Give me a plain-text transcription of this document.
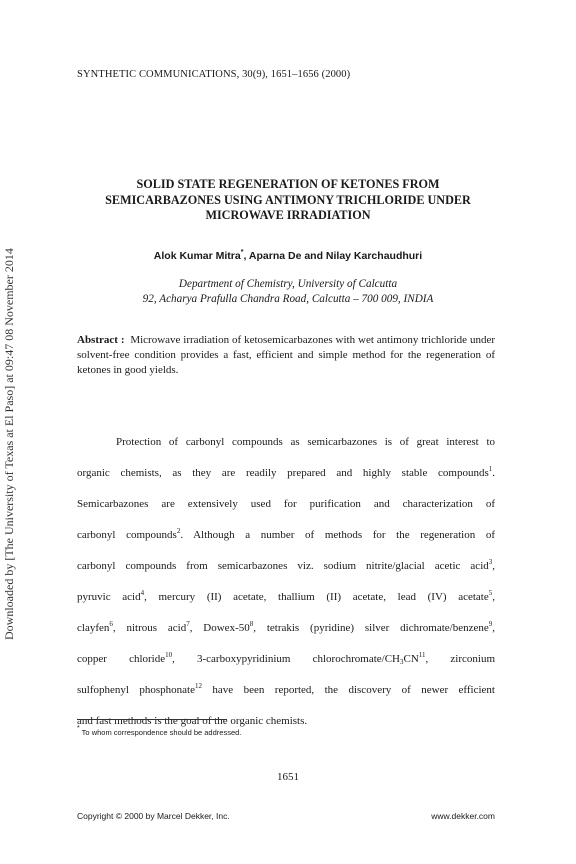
SYNTHETIC COMMUNICATIONS, 30(9), 1651–1656 (2000)
Downloaded by [The University of Texas at El Paso] at 09:47 08 November 2014
SOLID STATE REGENERATION OF KETONES FROM
SEMICARBAZONES USING ANTIMONY TRICHLORIDE UNDER
MICROWAVE IRRADIATION
Alok Kumar Mitra*, Aparna De and Nilay Karchaudhuri
Department of Chemistry, University of Calcutta
92, Acharya Prafulla Chandra Road, Calcutta – 700 009, INDIA
Abstract : Microwave irradiation of ketosemicarbazones with wet antimony trichloride under solvent-free condition provides a fast, efficient and simple method for the regeneration of ketones in good yields.
Protection of carbonyl compounds as semicarbazones is of great interest to
organic chemists, as they are readily prepared and highly stable compounds$^1$.
Semicarbazones are extensively used for purification and characterization of
carbonyl compounds$^2$. Although a number of methods for the regeneration of
carbonyl compounds from semicarbazones viz. sodium nitrite/glacial acetic acid$^3$,
pyruvic acid$^4$, mercury (II) acetate, thallium (II) acetate, lead (IV) acetate$^5$,
clayfen$^6$, nitrous acid$^7$, Dowex-$50^8$, tetrakis (pyridine) silver dichromate/benzene$^9$,
copper chloride$^{10}$, 3-carboxypyridinium chlorochromate/$CH_3CN^{11}$, zirconium
sulfophenyl phosphonate$^{12}$ have been reported, the discovery of newer efficient
and fast methods is the goal of the organic chemists.
* To whom correspondence should be addressed.
1651
Copyright © 2000 by Marcel Dekker, Inc.	www.dekker.com
